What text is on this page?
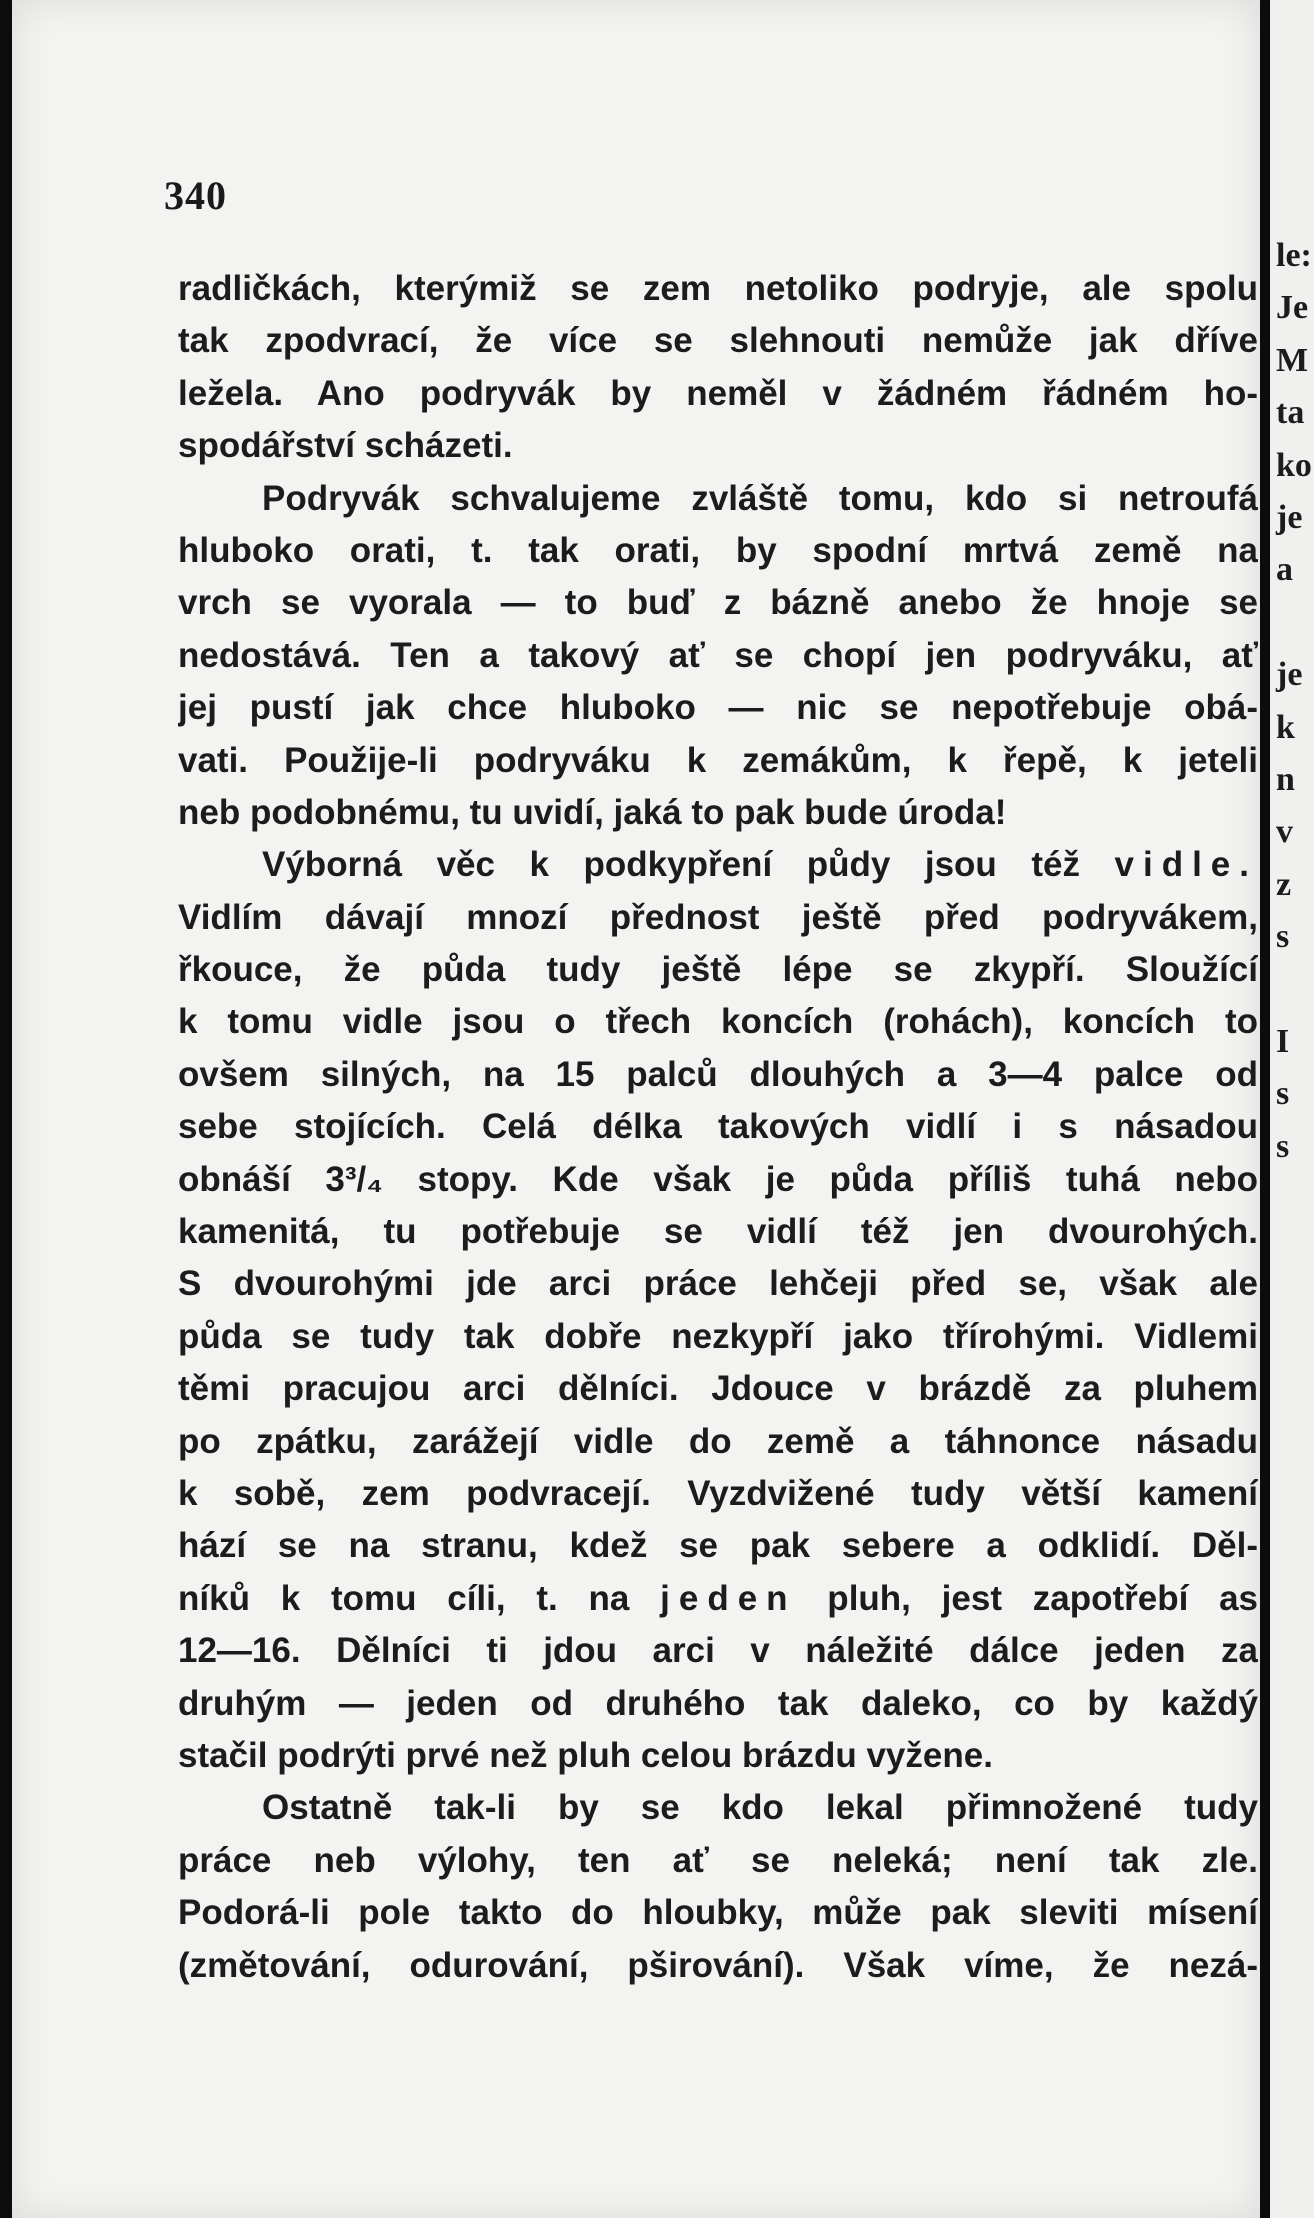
340
radličkách, kterýmiž se zem netoliko podryje, ale spolu
tak zpodvrací, že více se slehnouti nemůže jak dříve
ležela. Ano podryvák by neměl v žádném řádném ho-
spodářství scházeti.
Podryvák schvalujeme zvláště tomu, kdo si netroufá
hluboko orati, t. tak orati, by spodní mrtvá země na
vrch se vyorala — to buď z bázně anebo že hnoje se
nedostává. Ten a takový ať se chopí jen podryváku, ať
jej pustí jak chce hluboko — nic se nepotřebuje obá-
vati. Použije-li podryváku k zemákům, k řepě, k jeteli
neb podobnému, tu uvidí, jaká to pak bude úroda!
Výborná věc k podkypření půdy jsou též vidle.
Vidlím dávají mnozí přednost ještě před podryvákem,
řkouce, že půda tudy ještě lépe se zkypří. Sloužící
k tomu vidle jsou o třech koncích (rohách), koncích to
ovšem silných, na 15 palců dlouhých a 3—4 palce od
sebe stojících. Celá délka takových vidlí i s násadou
obnáší 3³/₄ stopy. Kde však je půda příliš tuhá nebo
kamenitá, tu potřebuje se vidlí též jen dvourohých.
S dvourohými jde arci práce lehčeji před se, však ale
půda se tudy tak dobře nezkypří jako třírohými. Vidlemi
těmi pracujou arci dělníci. Jdouce v brázdě za pluhem
po zpátku, zarážejí vidle do země a táhnonce násadu
k sobě, zem podvracejí. Vyzdvižené tudy větší kamení
hází se na stranu, kdež se pak sebere a odklidí. Děl-
níků k tomu cíli, t. na jeden pluh, jest zapotřebí as
12—16. Dělníci ti jdou arci v náležité dálce jeden za
druhým — jeden od druhého tak daleko, co by každý
stačil podrýti prvé než pluh celou brázdu vyžene.
Ostatně tak-li by se kdo lekal přimnožené tudy
práce neb výlohy, ten ať se neleká; není tak zle.
Podorá-li pole takto do hloubky, může pak sleviti mísení
(změtování, odurování, pširování). Však víme, že nezá-
le:
Je
M
ta
ko
je
a
je
k
n
v
z
s
I
s
s
